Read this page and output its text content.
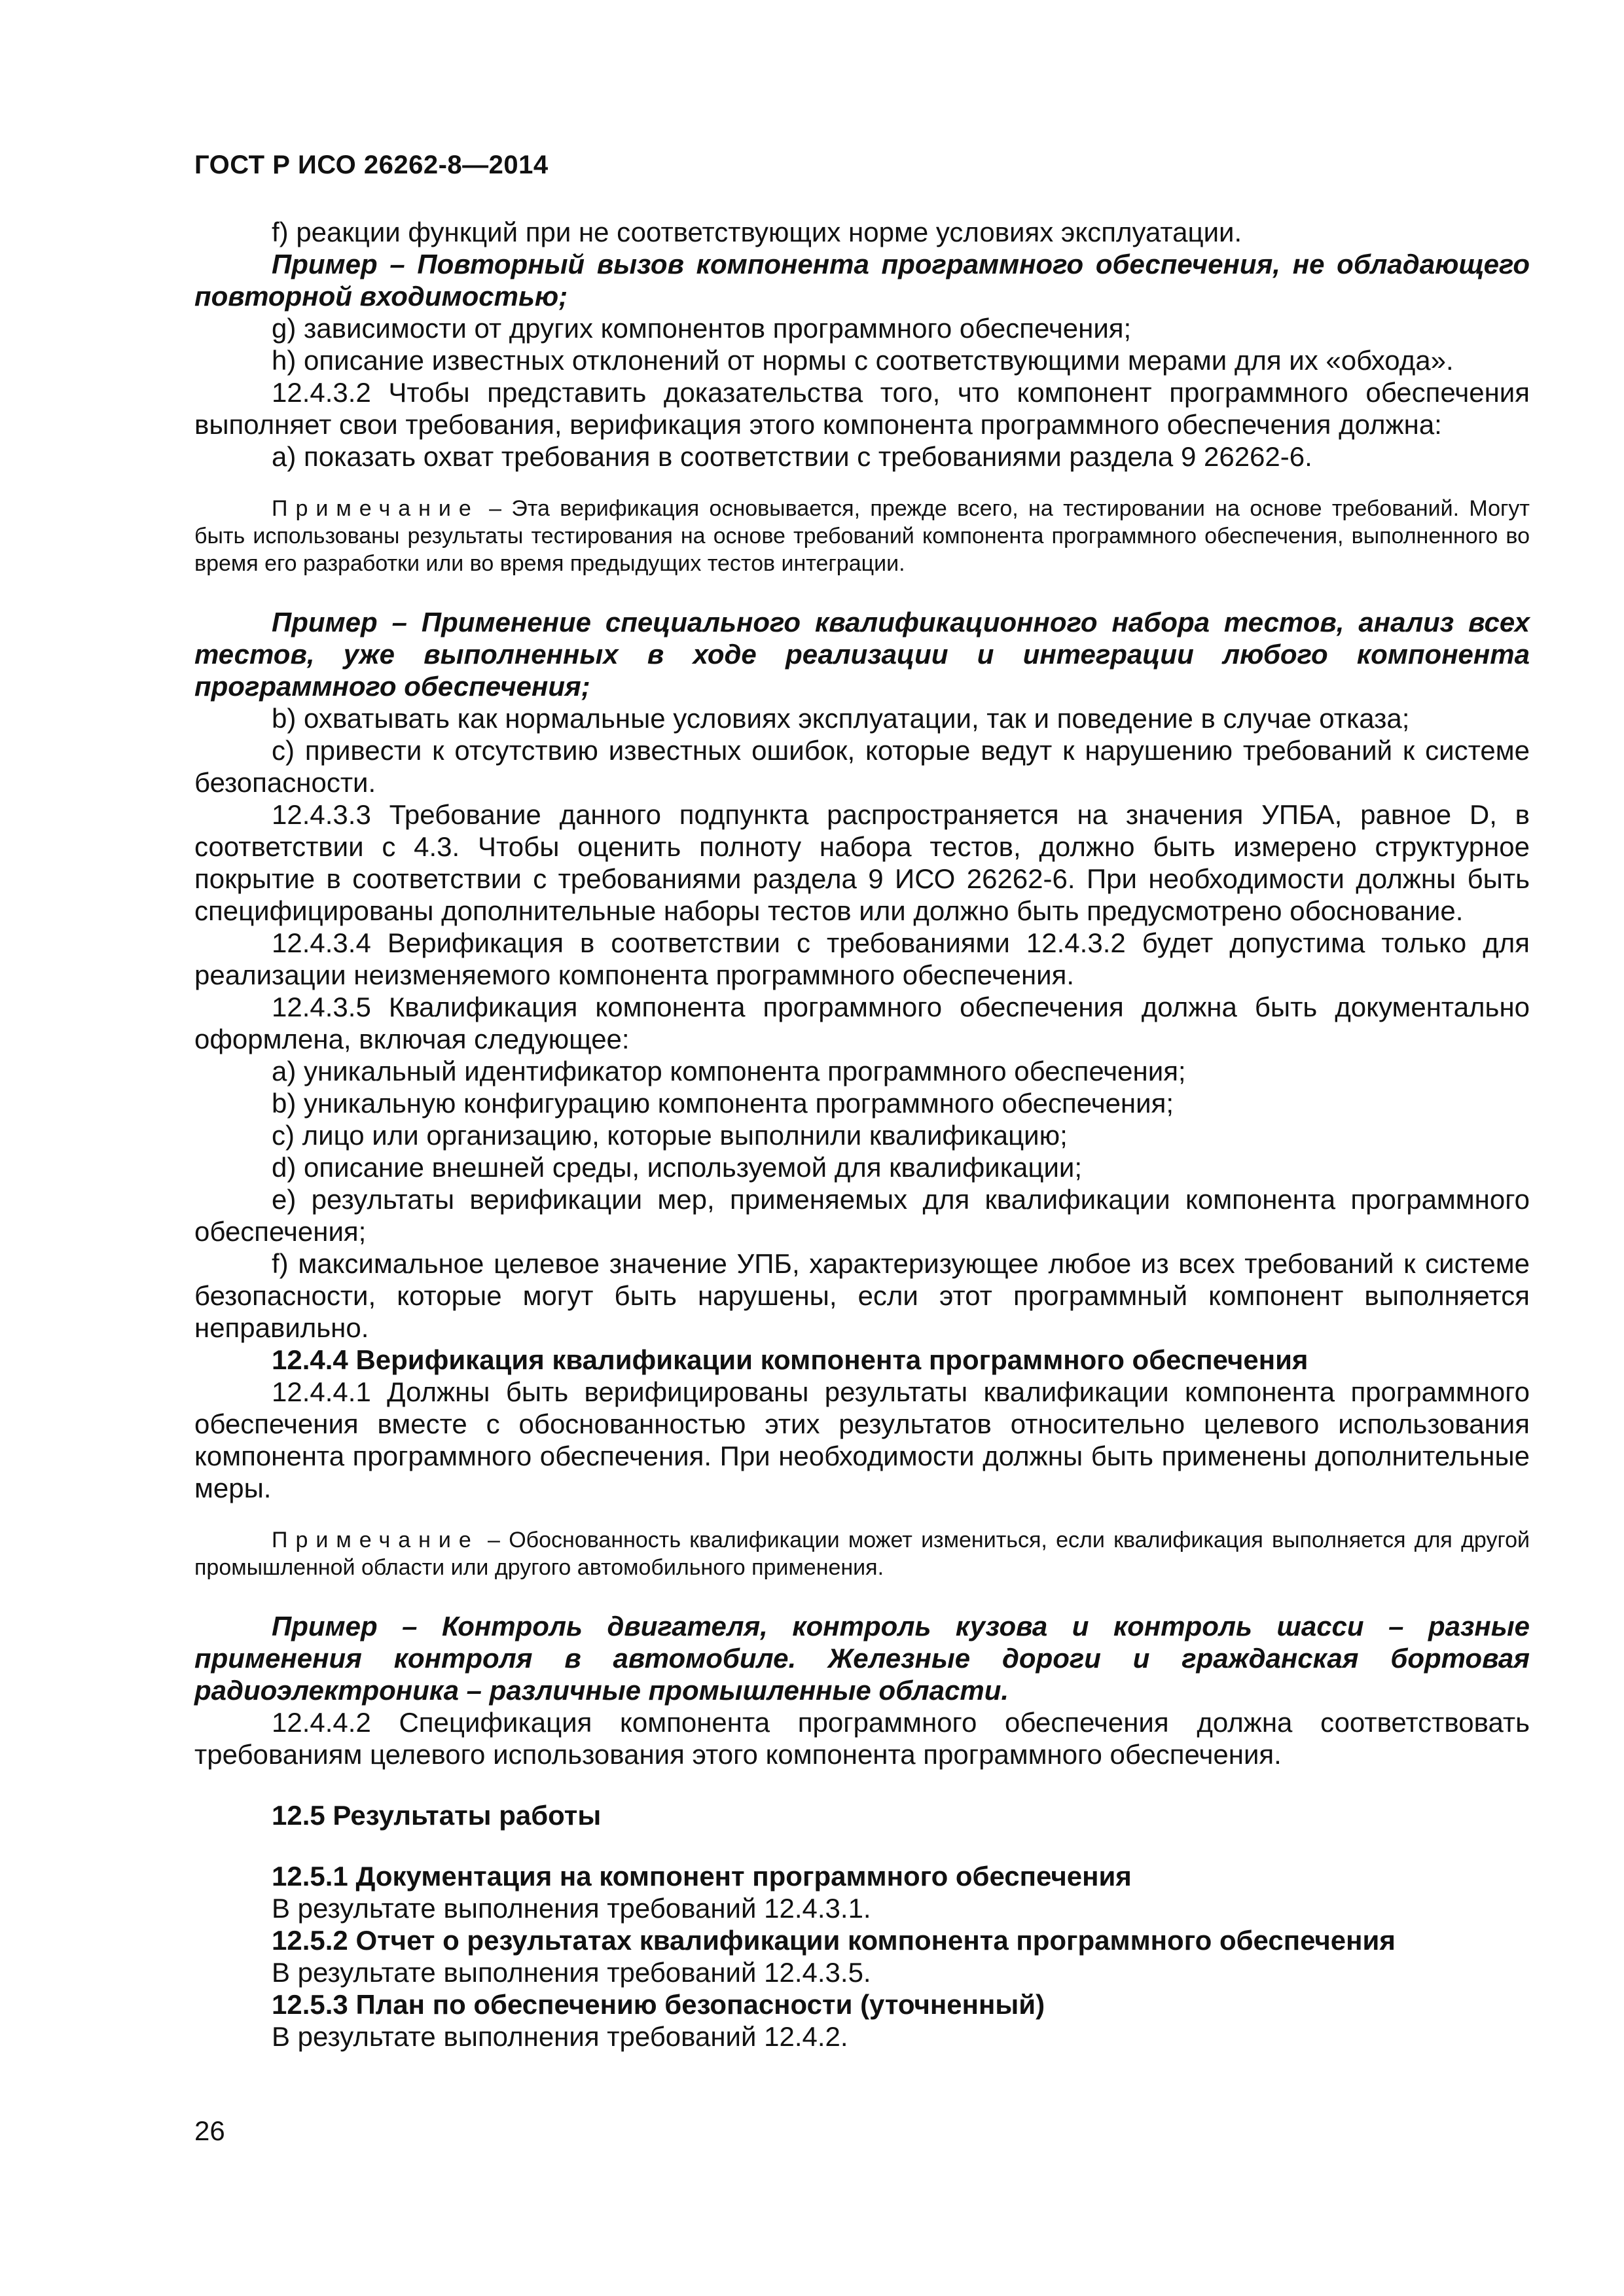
ГОСТ Р ИСО 26262-8—2014

f) реакции функций при не соответствующих норме условиях эксплуатации.

Пример – Повторный вызов компонента программного обеспечения, не обладающего повторной входимостью;

g) зависимости от других компонентов программного обеспечения;

h) описание известных отклонений от нормы с соответствующими мерами для их «обхода».

12.4.3.2 Чтобы представить доказательства того, что компонент программного обеспечения выполняет свои требования, верификация этого компонента программного обеспечения должна:

а) показать охват требования в соответствии с требованиями раздела 9 26262-6.

Примечание – Эта верификация основывается, прежде всего, на тестировании на основе требований. Могут быть использованы результаты тестирования на основе требований компонента программного обеспечения, выполненного во время его разработки или во время предыдущих тестов интеграции.

Пример – Применение специального квалификационного набора тестов, анализ всех тестов, уже выполненных в ходе реализации и интеграции любого компонента программного обеспечения;

b) охватывать как нормальные условиях эксплуатации, так и поведение в случае отказа;

с) привести к отсутствию известных ошибок, которые ведут к нарушению требований к системе безопасности.

12.4.3.3 Требование данного подпункта распространяется на значения УПБА, равное D, в соответствии с 4.3. Чтобы оценить полноту набора тестов, должно быть измерено структурное покрытие в соответствии с требованиями раздела 9 ИСО 26262-6. При необходимости должны быть специфицированы дополнительные наборы тестов или должно быть предусмотрено обоснование.

12.4.3.4 Верификация в соответствии с требованиями 12.4.3.2 будет допустима только для реализации неизменяемого компонента программного обеспечения.

12.4.3.5 Квалификация компонента программного обеспечения должна быть документально оформлена, включая следующее:

а) уникальный идентификатор компонента программного обеспечения;

b) уникальную конфигурацию компонента программного обеспечения;

с) лицо или организацию, которые выполнили квалификацию;

d) описание внешней среды, используемой для квалификации;

е) результаты верификации мер, применяемых для квалификации компонента программного обеспечения;

f) максимальное целевое значение УПБ, характеризующее любое из всех требований к системе безопасности, которые могут быть нарушены, если этот программный компонент выполняется неправильно.

12.4.4 Верификация квалификации компонента программного обеспечения

12.4.4.1 Должны быть верифицированы результаты квалификации компонента программного обеспечения вместе с обоснованностью этих результатов относительно целевого использования компонента программного обеспечения. При необходимости должны быть применены дополнительные меры.

Примечание – Обоснованность квалификации может измениться, если квалификация выполняется для другой промышленной области или другого автомобильного применения.

Пример – Контроль двигателя, контроль кузова и контроль шасси – разные применения контроля в автомобиле. Железные дороги и гражданская бортовая радиоэлектроника – различные промышленные области.

12.4.4.2 Спецификация компонента программного обеспечения должна соответствовать требованиям целевого использования этого компонента программного обеспечения.

12.5 Результаты работы

12.5.1 Документация на компонент программного обеспечения

В результате выполнения требований 12.4.3.1.

12.5.2 Отчет о результатах квалификации компонента программного обеспечения

В результате выполнения требований 12.4.3.5.

12.5.3 План по обеспечению безопасности (уточненный)

В результате выполнения требований 12.4.2.

26
